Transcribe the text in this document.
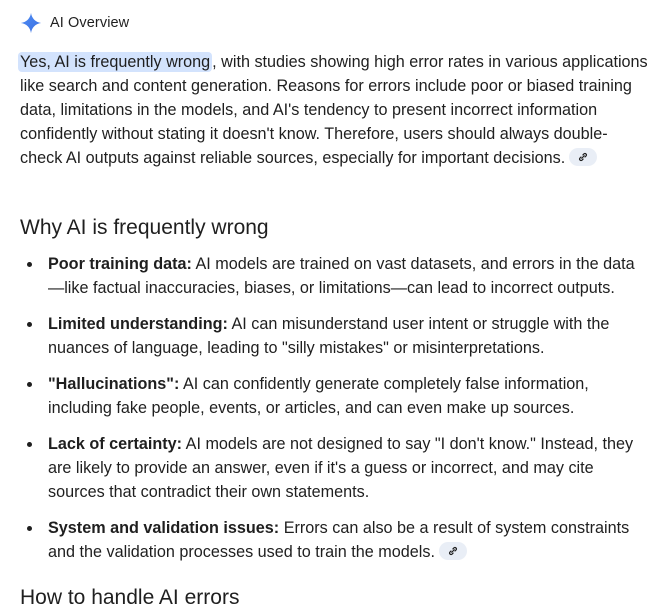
AI Overview

Yes, AI is frequently wrong , with studies showing high error rates in various applications like search and content generation. Reasons for errors include poor or biased training data, limitations in the models, and AI's tendency to present incorrect information confidently without stating it doesn't know. Therefore, users should always double-check AI outputs against reliable sources, especially for important decisions.

Why AI is frequently wrong
Poor training data: AI models are trained on vast datasets, and errors in the data—like factual inaccuracies, biases, or limitations—can lead to incorrect outputs.
Limited understanding: AI can misunderstand user intent or struggle with the nuances of language, leading to "silly mistakes" or misinterpretations.
"Hallucinations": AI can confidently generate completely false information, including fake people, events, or articles, and can even make up sources.
Lack of certainty: AI models are not designed to say "I don't know." Instead, they are likely to provide an answer, even if it's a guess or incorrect, and may cite sources that contradict their own statements.
System and validation issues: Errors can also be a result of system constraints and the validation processes used to train the models.
How to handle AI errors
